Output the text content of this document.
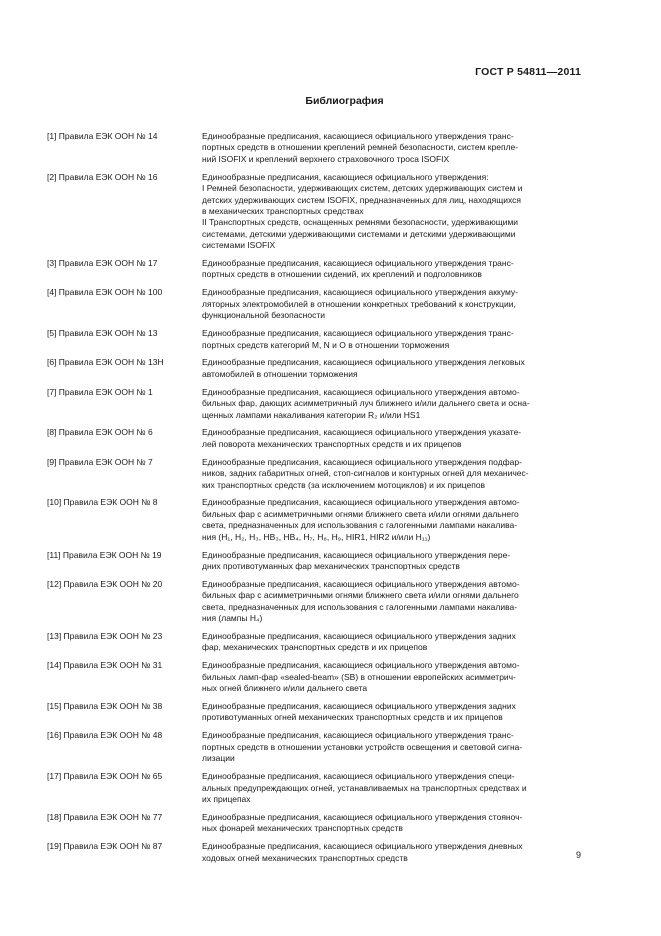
ГОСТ Р 54811—2011
Библиография
[1] Правила ЕЭК ООН № 14	Единообразные предписания, касающиеся официального утверждения транс-
портных средств в отношении креплений ремней безопасности, систем крепле-
ний ISOFIX и креплений верхнего страховочного троса ISOFIX
[2] Правила ЕЭК ООН № 16	Единообразные предписания, касающиеся официального утверждения:
I Ремней безопасности, удерживающих систем, детских удерживающих систем и
детских удерживающих систем ISOFIX, предназначенных для лиц, находящихся
в механических транспортных средствах
II Транспортных средств, оснащенных ремнями безопасности, удерживающими
системами, детскими удерживающими системами и детскими удерживающими
системами ISOFIX
[3] Правила ЕЭК ООН № 17	Единообразные предписания, касающиеся официального утверждения транс-
портных средств в отношении сидений, их креплений и подголовников
[4] Правила ЕЭК ООН № 100	Единообразные предписания, касающиеся официального утверждения аккуму-
ляторных электромобилей в отношении конкретных требований к конструкции,
функциональной безопасности
[5] Правила ЕЭК ООН № 13	Единообразные предписания, касающиеся официального утверждения транс-
портных средств категорий M, N и O в отношении торможения
[6] Правила ЕЭК ООН № 13H	Единообразные предписания, касающиеся официального утверждения легковых
автомобилей в отношении торможения
[7] Правила ЕЭК ООН № 1	Единообразные предписания, касающиеся официального утверждения автомо-
бильных фар, дающих асимметричный луч ближнего и/или дальнего света и осна-
щенных лампами накаливания категории R₂ и/или HS1
[8] Правила ЕЭК ООН № 6	Единообразные предписания, касающиеся официального утверждения указате-
лей поворота механических транспортных средств и их прицепов
[9] Правила ЕЭК ООН № 7	Единообразные предписания, касающиеся официального утверждения подфар-
ников, задних габаритных огней, стоп-сигналов и контурных огней для механичес-
ких транспортных средств (за исключением мотоциклов) и их прицепов
[10] Правила ЕЭК ООН № 8	Единообразные предписания, касающиеся официального утверждения автомо-
бильных фар с асимметричными огнями ближнего света и/или огнями дальнего
света, предназначенных для использования с галогенными лампами накалива-
ния (H₁, H₂, H₃, HB₃, HB₄, H₇, H₈, H₉, HIR1, HIR2 и/или H₁₁)
[11] Правила ЕЭК ООН № 19	Единообразные предписания, касающиеся официального утверждения пере-
дних противотуманных фар механических транспортных средств
[12] Правила ЕЭК ООН № 20	Единообразные предписания, касающиеся официального утверждения автомо-
бильных фар с асимметричными огнями ближнего света и/или огнями дальнего
света, предназначенных для использования с галогенными лампами накалива-
ния (лампы H₄)
[13] Правила ЕЭК ООН № 23	Единообразные предписания, касающиеся официального утверждения задних
фар, механических транспортных средств и их прицепов
[14] Правила ЕЭК ООН № 31	Единообразные предписания, касающиеся официального утверждения автомо-
бильных ламп-фар «sealed-beam» (SB) в отношении европейских асимметрич-
ных огней ближнего и/или дальнего света
[15] Правила ЕЭК ООН № 38	Единообразные предписания, касающиеся официального утверждения задних
противотуманных огней механических транспортных средств и их прицепов
[16] Правила ЕЭК ООН № 48	Единообразные предписания, касающиеся официального утверждения транс-
портных средств в отношении установки устройств освещения и световой сигна-
лизации
[17] Правила ЕЭК ООН № 65	Единообразные предписания, касающиеся официального утверждения специ-
альных предупреждающих огней, устанавливаемых на транспортных средствах и
их прицепах
[18] Правила ЕЭК ООН № 77	Единообразные предписания, касающиеся официального утверждения стояноч-
ных фонарей механических транспортных средств
[19] Правила ЕЭК ООН № 87	Единообразные предписания, касающиеся официального утверждения дневных
ходовых огней механических транспортных средств	9
